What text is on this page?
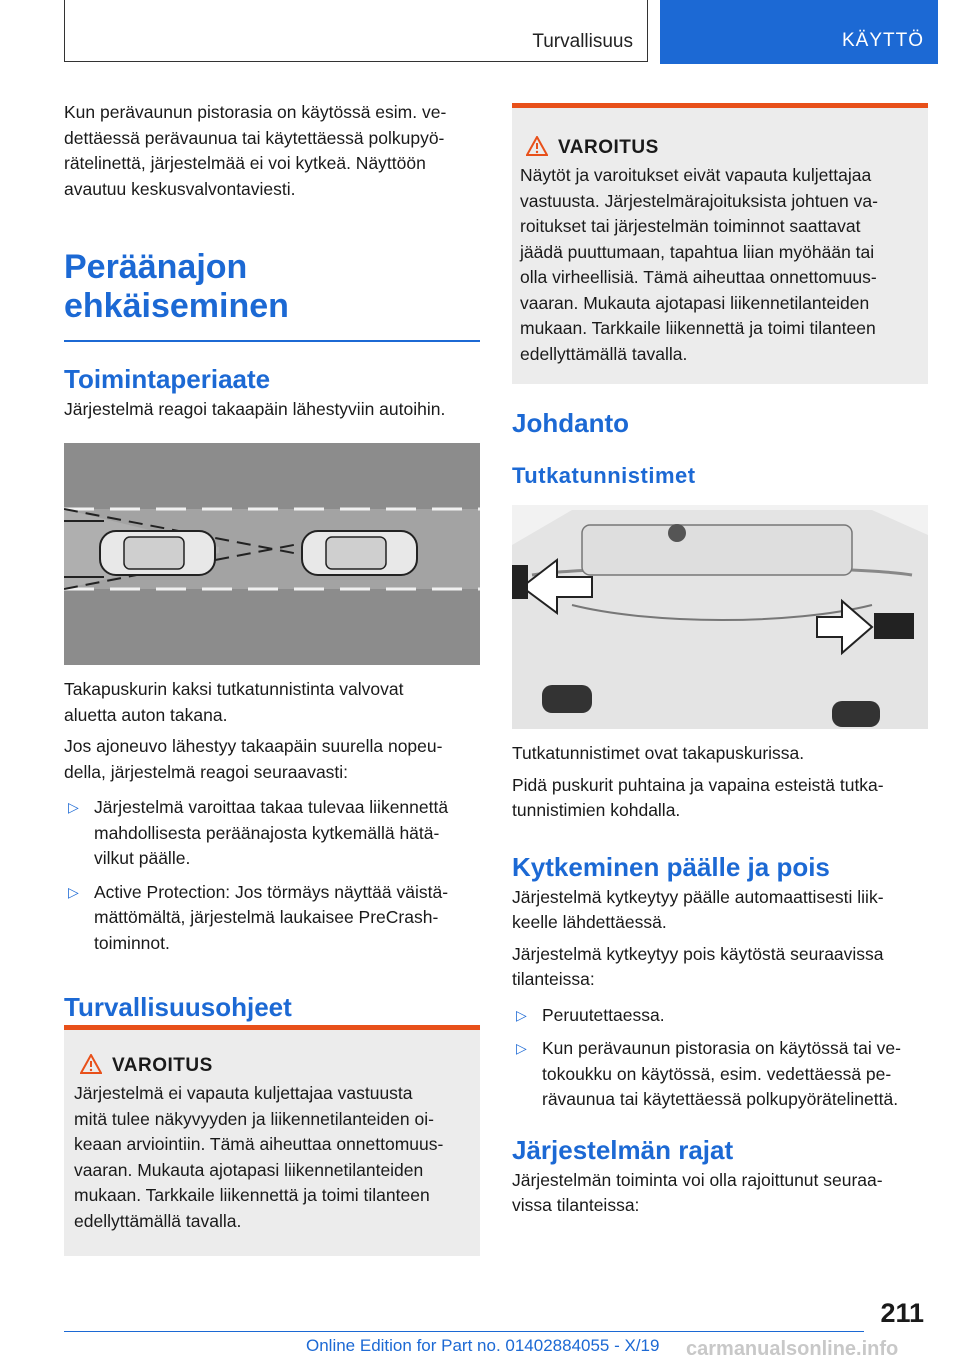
Turvallisuus	KÄYTTÖ

Kun perävaunun pistorasia on käytössä esim. ve-
dettäessä perävaunua tai käytettäessä polkupyö-
rätelinettä, järjestelmää ei voi kytkeä. Näyttöön
avautuu keskusvalvontaviesti.

Peräänajon ehkäiseminen
Toimintaperiaate

Järjestelmä reagoi takaapäin lähestyviin autoihin.

Takapuskurin kaksi tutkatunnistinta valvovat
aluetta auton takana.

Jos ajoneuvo lähestyy takaapäin suurella nopeu-
della, järjestelmä reagoi seuraavasti:

▷ Järjestelmä varoittaa takaa tulevaa liikennettä
mahdollisesta peräänajosta kytkemällä hätä-
vilkut päälle.
▷ Active Protection: Jos törmäys näyttää väistä-
mättömältä, järjestelmä laukaisee PreCrash-
toiminnot.
Turvallisuusohjeet
VAROITUS

Järjestelmä ei vapauta kuljettajaa vastuusta
mitä tulee näkyvyyden ja liikennetilanteiden oi-
keaan arviointiin. Tämä aiheuttaa onnettomuus-
vaaran. Mukauta ajotapasi liikennetilanteiden
mukaan. Tarkkaile liikennettä ja toimi tilanteen
edellyttämällä tavalla.

VAROITUS

Näytöt ja varoitukset eivät vapauta kuljettajaa
vastuusta. Järjestelmärajoituksista johtuen va-
roitukset tai järjestelmän toiminnot saattavat
jäädä puuttumaan, tapahtua liian myöhään tai
olla virheellisiä. Tämä aiheuttaa onnettomuus-
vaaran. Mukauta ajotapasi liikennetilanteiden
mukaan. Tarkkaile liikennettä ja toimi tilanteen
edellyttämällä tavalla.

Johdanto
Tutkatunnistimet

Tutkatunnistimet ovat takapuskurissa.

Pidä puskurit puhtaina ja vapaina esteistä tutka-
tunnistimien kohdalla.

Kytkeminen päälle ja pois

Järjestelmä kytkeytyy päälle automaattisesti liik-
keelle lähdettäessä.

Järjestelmä kytkeytyy pois käytöstä seuraavissa
tilanteissa:

▷ Peruutettaessa.
▷ Kun perävaunun pistorasia on käytössä tai ve-
tokoukku on käytössä, esim. vedettäessä pe-
rävaunua tai käytettäessä polkupyörätelinettä.
Järjestelmän rajat

Järjestelmän toiminta voi olla rajoittunut seuraa-
vissa tilanteissa:

211
Online Edition for Part no. 01402884055 - X/19 carmanualsonline.info
